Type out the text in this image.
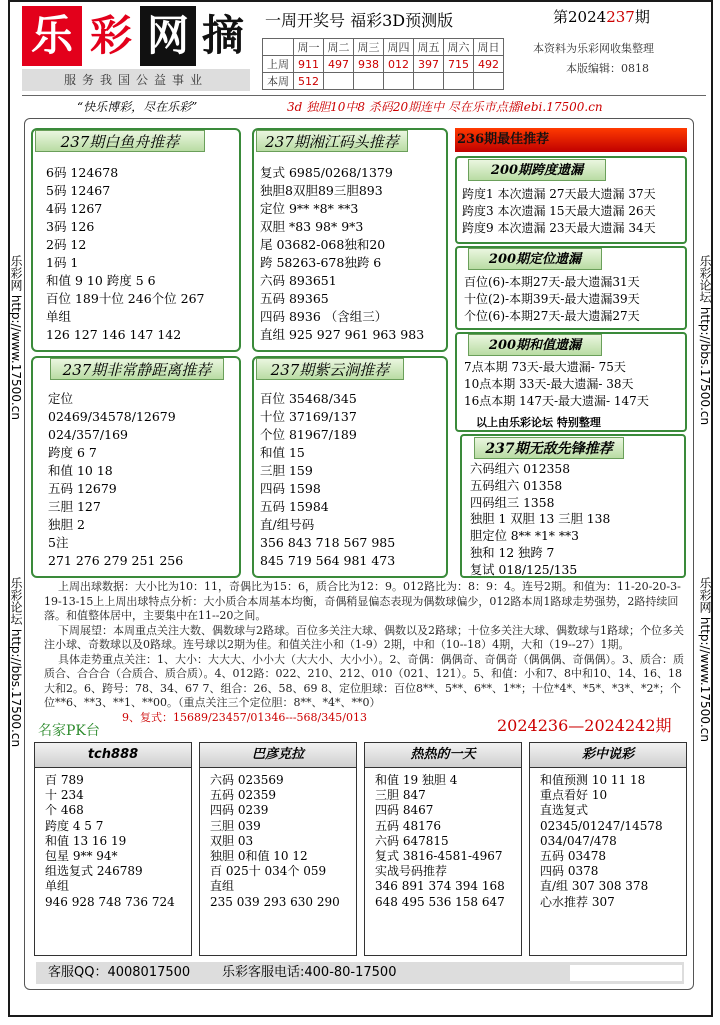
乐 彩 网 摘
服务我国公益事业
一周开奖号 福彩3D预测版
	周一	周二	周三	周四	周五	周六	周日
上周	911	497	938	012	397	715	492
本周	512						
第2024237期
本资料为乐彩网收集整理
本版编辑：0818
“快乐博彩，尽在乐彩”	3d 独胆10中8 杀码20期连中 尽在乐市点播lebi.17500.cn
乐彩网 http://www.17500.cn
乐彩论坛 http://bbs.17500.cn
乐彩论坛 http://bbs.17500.cn
乐彩网 http://www.17500.cn
237期白鱼舟推荐
6码 124678
5码 12467
4码 1267
3码 126
2码 12
1码 1
和值 9 10 跨度 5 6
百位 189十位 246个位 267
单组
126 127 146 147 142
237期湘江码头推荐
复式 6985/0268/1379
独胆8双胆89三胆893
定位 9** *8* **3
双胆 *83 98* 9*3
尾 03682-068独和20
跨 58263-678独跨 6
六码 893651
五码 89365
四码 8936 （含组三）
直组 925 927 961 963 983
237期非常静距离推荐
定位
02469/34578/12679
024/357/169
跨度 6 7
和值 10 18
五码 12679
三胆 127
独胆 2
5注
271 276 279 251 256
237期紫云涧推荐
百位 35468/345
十位 37169/137
个位 81967/189
和值 15
三胆 159
四码 1598
五码 15984
直/组号码
356 843 718 567 985
845 719 564 981 473
236期最佳推荐
200期跨度遗漏
跨度1 本次遗漏 27天最大遗漏 37天
跨度3 本次遗漏 15天最大遗漏 26天
跨度9 本次遗漏 23天最大遗漏 34天
200期定位遗漏
百位(6)-本期27天-最大遗漏31天
十位(2)-本期39天-最大遗漏39天
个位(6)-本期27天-最大遗漏27天
200期和值遗漏
7点本期 73天-最大遗漏- 75天
10点本期 33天-最大遗漏- 38天
16点本期 147天-最大遗漏- 147天
以上由乐彩论坛 特别整理
237期无敌先锋推荐
六码组六 012358
五码组六 01358
四码组三 1358
独胆 1 双胆 13 三胆 138
胆定位 8** *1* **3
独和 12 独跨 7
复试 018/125/135

上周出球数据：大小比为10：11，奇偶比为15：6，质合比为12：9。012路比为：8：9：4。连号2期。和值为：11-20-20-3-19-13-15上上周出球特点分析：大小质合本周基本均衡，奇偶稍显偏态表现为偶数球偏少，012路本周1路球走势强势，2路持续回落。和值整体居中，主要集中在11--20之间。

下周展望：本周重点关注大数、偶数球与2路球。百位多关注大球、偶数以及2路球；十位多关注大球、偶数球与1路球；个位多关注小球、奇数球以及0路球。连号球以2期为佳。和值关注小和（1-9）2期，中和（10--18）4期，大和（19--27）1期。

具体走势重点关注：1、大小：大大大、小小大（大大小、大小小）。2、奇偶：偶偶奇、奇偶奇（偶偶偶、奇偶偶）。3、质合：质质合、合合合（合质合、质合质）。4、012路：022、210、212、010（021、121）。5、和值：小和7、8中和10、14、16、18大和2。6、跨号：78、34、67 7、组合：26、58、69 8、定位胆球：百位8**、5**、6**、1**；十位*4*、*5*、*3*、*2*；个位**6、**3、**1、**00。（重点关注三个定位胆：8**、*4*、**0）

9、复式：15689/23457/01346---568/345/013

名家PK台	2024236—2024242期
tch888
百 789
十 234
个 468
跨度 4 5 7
和值 13 16 19
包星 9** 94*
组选复式 246789
单组
946 928 748 736 724
巴彦克拉
六码 023569
五码 02359
四码 0239
三胆 039
双胆 03
独胆 0和值 10 12
百 025十 034个 059
直组
235 039 293 630 290
热热的一天
和值 19 独胆 4
三胆 847
四码 8467
五码 48176
六码 647815
复式 3816-4581-4967
实战号码推荐
346 891 374 394 168
648 495 536 158 647
彩中说彩
和值预测 10 11 18
重点看好 10
直选复式
02345/01247/14578
034/047/478
五码 03478
四码 0378
直/组 307 308 378
心水推荐 307
客服QQ：4008017500 乐彩客服电话:400-80-17500
